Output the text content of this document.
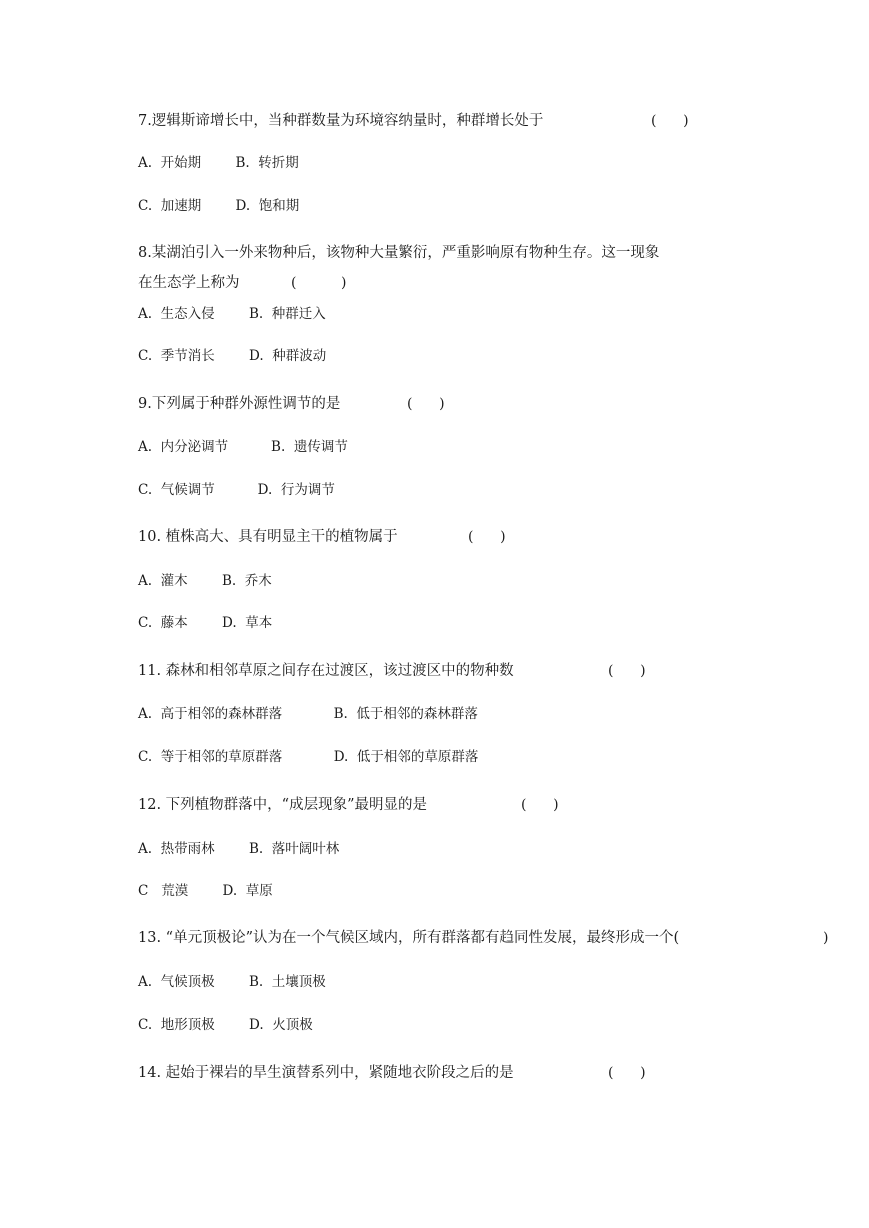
7.逻辑斯谛增长中，当种群数量为环境容纳量时，种群增长处于	(      )
A.  开始期        B.  转折期
C.  加速期        D.  饱和期
8.某湖泊引入一外来物种后，该物种大量繁衍，严重影响原有物种生存。这一现象
在生态学上称为	(          )
A.  生态入侵        B.  种群迁入
C.  季节消长        D.  种群波动
9.下列属于种群外源性调节的是	(      )
A.  内分泌调节          B.  遗传调节
C.  气候调节          D.  行为调节
10. 植株高大、具有明显主干的植物属于	(      )
A.  灌木        B.  乔木
C.  藤本        D.  草本
11. 森林和相邻草原之间存在过渡区，该过渡区中的物种数	(      )
A.  高于相邻的森林群落            B.  低于相邻的森林群落
C.  等于相邻的草原群落            D.  低于相邻的草原群落
12. 下列植物群落中，“成层现象”最明显的是	(      )
A.  热带雨林        B.  落叶阔叶林
C   荒漠        D.  草原
13. “单元顶极论”认为在一个气候区域内，所有群落都有趋同性发展，最终形成一个(	)
A.  气候顶极        B.  土壤顶极
C.  地形顶极        D.  火顶极
14. 起始于裸岩的旱生演替系列中，紧随地衣阶段之后的是	(      )
